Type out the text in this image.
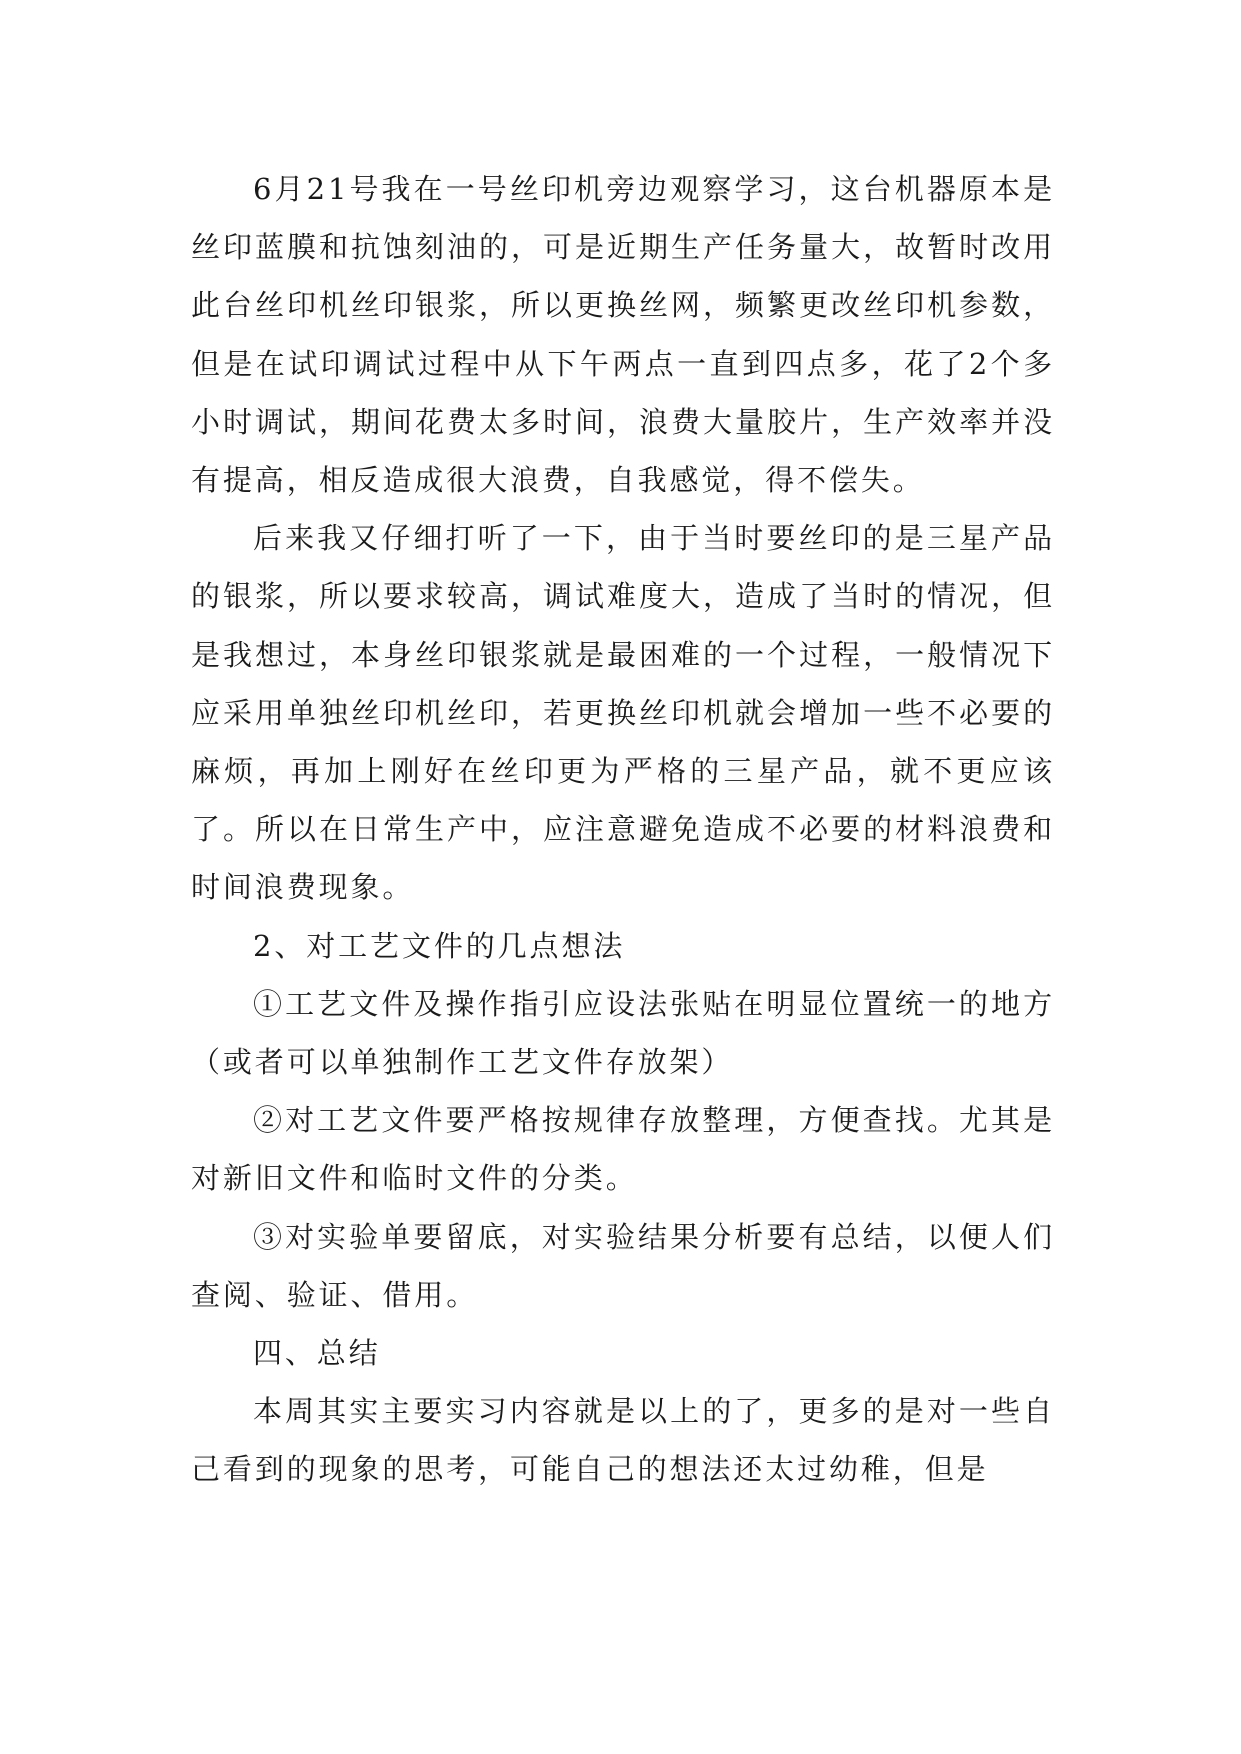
6月21号我在一号丝印机旁边观察学习，这台机器原本是丝印蓝膜和抗蚀刻油的，可是近期生产任务量大，故暂时改用此台丝印机丝印银浆，所以更换丝网，频繁更改丝印机参数，但是在试印调试过程中从下午两点一直到四点多，花了2个多小时调试，期间花费太多时间，浪费大量胶片，生产效率并没有提高，相反造成很大浪费，自我感觉，得不偿失。

后来我又仔细打听了一下，由于当时要丝印的是三星产品的银浆，所以要求较高，调试难度大，造成了当时的情况，但是我想过，本身丝印银浆就是最困难的一个过程，一般情况下应采用单独丝印机丝印，若更换丝印机就会增加一些不必要的麻烦，再加上刚好在丝印更为严格的三星产品，就不更应该了。所以在日常生产中，应注意避免造成不必要的材料浪费和时间浪费现象。

2、对工艺文件的几点想法

①工艺文件及操作指引应设法张贴在明显位置统一的地方（或者可以单独制作工艺文件存放架）

②对工艺文件要严格按规律存放整理，方便查找。尤其是对新旧文件和临时文件的分类。

③对实验单要留底，对实验结果分析要有总结，以便人们查阅、验证、借用。

四、总结

本周其实主要实习内容就是以上的了，更多的是对一些自己看到的现象的思考，可能自己的想法还太过幼稚，但是
